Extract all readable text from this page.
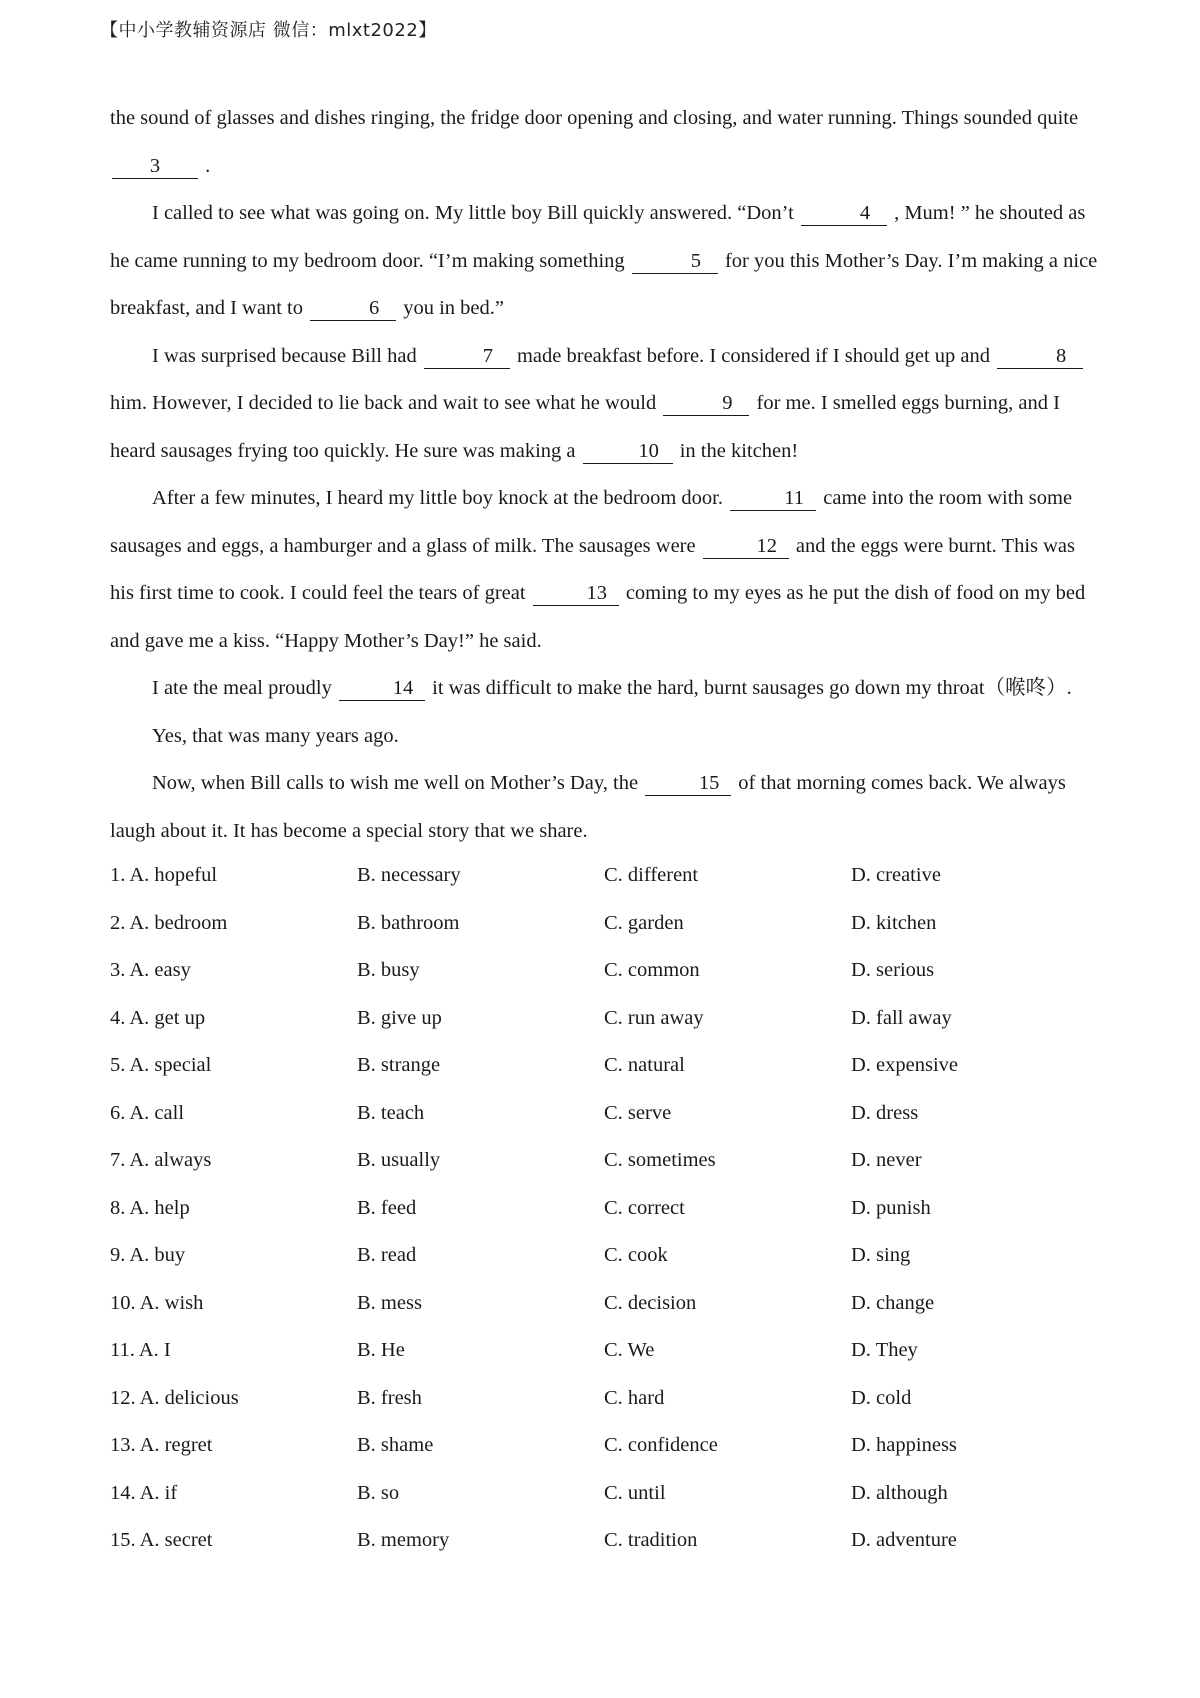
【中小学教辅资源店 微信：mlxt2022】

the sound of glasses and dishes ringing, the fridge door opening and closing, and water running. Things sounded quite 3 .

I called to see what was going on. My little boy Bill quickly answered. “Don’t	4 , Mum! ” he shouted as he came running to my bedroom door. “I’m making something	5 for you this Mother’s Day. I’m making a nice breakfast, and I want to	6 you in bed.”

I was surprised because Bill had	7 made breakfast before. I considered if I should get up and	8 him. However, I decided to lie back and wait to see what he would	9 for me. I smelled eggs burning, and I heard sausages frying too quickly. He sure was making a	10 in the kitchen!

After a few minutes, I heard my little boy knock at the bedroom door.	11 came into the room with some sausages and eggs, a hamburger and a glass of milk. The sausages were	12 and the eggs were burnt. This was his first time to cook. I could feel the tears of great	13 coming to my eyes as he put the dish of food on my bed and gave me a kiss. “Happy Mother’s Day!” he said.

I ate the meal proudly	14 it was difficult to make the hard, burnt sausages go down my throat（喉咚）.

Yes, that was many years ago.

Now, when Bill calls to wish me well on Mother’s Day, the	15 of that morning comes back. We always laugh about it. It has become a special story that we share.

1. A. hopeful	B. necessary	C. different	D. creative
2. A. bedroom	B. bathroom	C. garden	D. kitchen
3. A. easy	B. busy	C. common	D. serious
4. A. get up	B. give up	C. run away	D. fall away
5. A. special	B. strange	C. natural	D. expensive
6. A. call	B. teach	C. serve	D. dress
7. A. always	B. usually	C. sometimes	D. never
8. A. help	B. feed	C. correct	D. punish
9. A. buy	B. read	C. cook	D. sing
10. A. wish	B. mess	C. decision	D. change
11. A. I	B. He	C. We	D. They
12. A. delicious	B. fresh	C. hard	D. cold
13. A. regret	B. shame	C. confidence	D. happiness
14. A. if	B. so	C. until	D. although
15. A. secret	B. memory	C. tradition	D. adventure
